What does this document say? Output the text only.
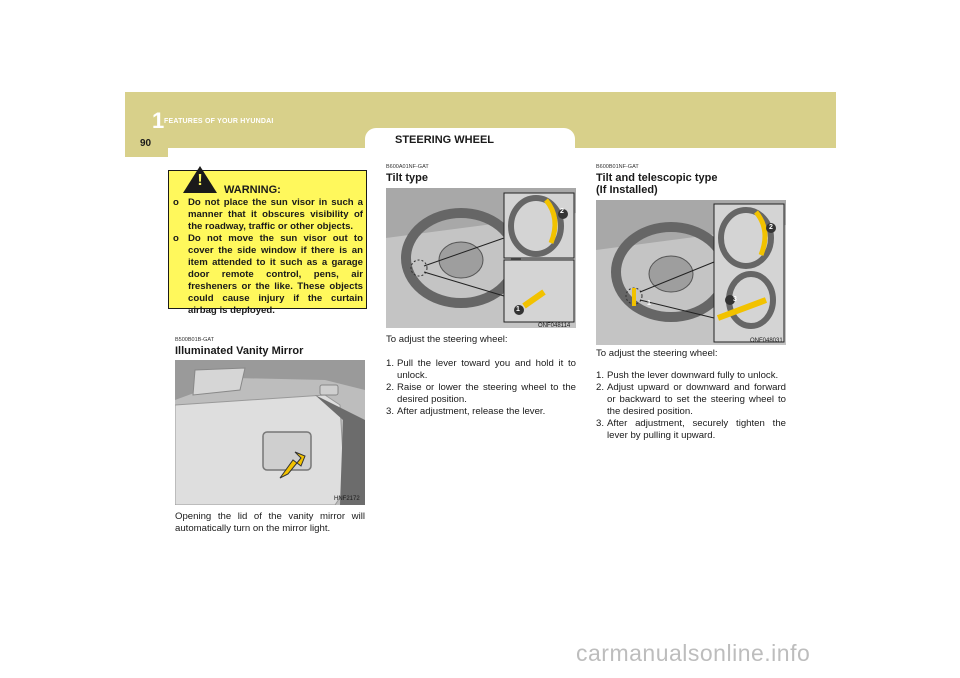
1 FEATURES OF YOUR HYUNDAI
90	STEERING WHEEL
!
WARNING:
o Do not place the sun visor in such a manner that it obscures visibility of the roadway, traffic or other objects.
o Do not move the sun visor out to cover the side window if there is an item attended to it such as a garage door remote control, pens, air fresheners or the like. These objects could cause injury if the curtain airbag is deployed.
B500B01B-GAT
Illuminated Vanity Mirror
HNF2172
Opening the lid of the vanity mirror will automatically turn on the mirror light.
B600A01NF-GAT
Tilt type
2
1
ONF048114
To adjust the steering wheel:
1. Pull the lever toward you and hold it to unlock.
2. Raise or lower the steering wheel to the desired position.
3. After adjustment, release the lever.
B600B01NF-GAT
Tilt and telescopic type
(If Installed)
2
3
1
ONF048031
To adjust the steering wheel:
1. Push the lever downward fully to unlock.
2. Adjust upward or downward and forward or backward to set the steering wheel to the desired position.
3. After adjustment, securely tighten the lever by pulling it upward.
carmanualsonline.info
